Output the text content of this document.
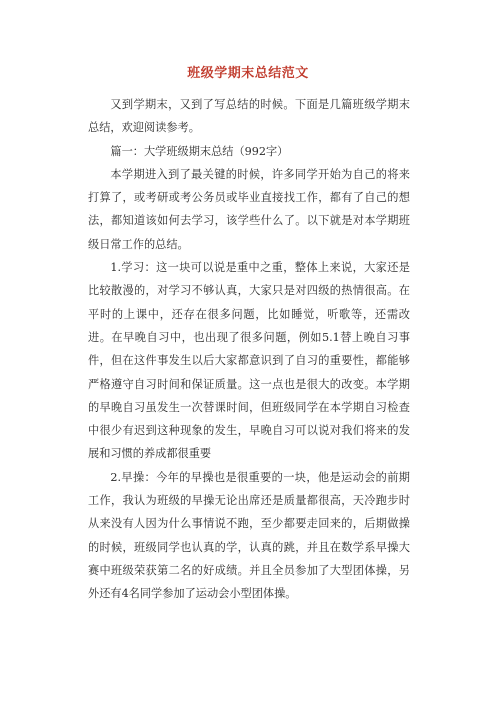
班级学期末总结范文

又到学期末，又到了写总结的时候。下面是几篇班级学期末总结，欢迎阅读参考。

篇一：大学班级期末总结（992字）

本学期进入到了最关键的时候，许多同学开始为自己的将来打算了，或考研或考公务员或毕业直接找工作，都有了自己的想法，都知道该如何去学习，该学些什么了。以下就是对本学期班级日常工作的总结。

1.学习：这一块可以说是重中之重，整体上来说，大家还是比较散漫的，对学习不够认真，大家只是对四级的热情很高。在平时的上课中，还存在很多问题，比如睡觉，听歌等，还需改进。在早晚自习中，也出现了很多问题，例如5.1替上晚自习事件，但在这件事发生以后大家都意识到了自习的重要性，都能够严格遵守自习时间和保证质量。这一点也是很大的改变。本学期的早晚自习虽发生一次替课时间，但班级同学在本学期自习检查中很少有迟到这种现象的发生，早晚自习可以说对我们将来的发展和习惯的养成都很重要

2.早操：今年的早操也是很重要的一块，他是运动会的前期工作，我认为班级的早操无论出席还是质量都很高，天冷跑步时从来没有人因为什么事情说不跑，至少都要走回来的，后期做操的时候，班级同学也认真的学，认真的跳，并且在数学系早操大赛中班级荣获第二名的好成绩。并且全员参加了大型团体操，另外还有4名同学参加了运动会小型团体操。
